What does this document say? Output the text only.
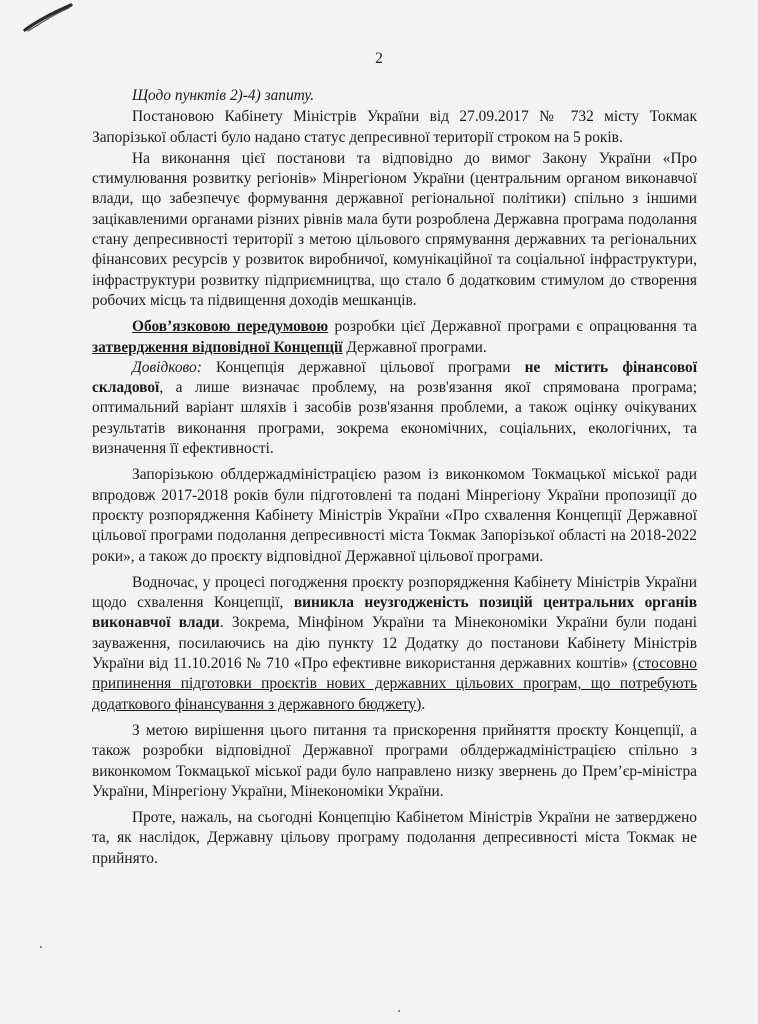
2

Щодо пунктів 2)-4) запиту.

Постановою Кабінету Міністрів України від 27.09.2017 № 732 місту Токмак Запорізької області було надано статус депресивної території строком на 5 років.

На виконання цієї постанови та відповідно до вимог Закону України «Про стимулювання розвитку регіонів» Мінрегіоном України (центральним органом виконавчої влади, що забезпечує формування державної регіональної політики) спільно з іншими зацікавленими органами різних рівнів мала бути розроблена Державна програма подолання стану депресивності території з метою цільового спрямування державних та регіональних фінансових ресурсів у розвиток виробничої, комунікаційної та соціальної інфраструктури, інфраструктури розвитку підприємництва, що стало б додатковим стимулом до створення робочих місць та підвищення доходів мешканців.

Обов’язковою передумовою розробки цієї Державної програми є опрацювання та затвердження відповідної Концепції Державної програми.

Довідково: Концепція державної цільової програми не містить фінансової складової, а лише визначає проблему, на розв'язання якої спрямована програма; оптимальний варіант шляхів і засобів розв'язання проблеми, а також оцінку очікуваних результатів виконання програми, зокрема економічних, соціальних, екологічних, та визначення її ефективності.

Запорізькою облдержадміністрацією разом із виконкомом Токмацької міської ради впродовж 2017-2018 років були підготовлені та подані Мінрегіону України пропозиції до проєкту розпорядження Кабінету Міністрів України «Про схвалення Концепції Державної цільової програми подолання депресивності міста Токмак Запорізької області на 2018-2022 роки», а також до проєкту відповідної Державної цільової програми.

Водночас, у процесі погодження проєкту розпорядження Кабінету Міністрів України щодо схвалення Концепції, виникла неузгодженість позицій центральних органів виконавчої влади. Зокрема, Мінфіном України та Мінекономіки України були подані зауваження, посилаючись на дію пункту 12 Додатку до постанови Кабінету Міністрів України від 11.10.2016 № 710 «Про ефективне використання державних коштів» (стосовно припинення підготовки проєктів нових державних цільових програм, що потребують додаткового фінансування з державного бюджету).

З метою вирішення цього питання та прискорення прийняття проєкту Концепції, а також розробки відповідної Державної програми облдержадміністрацією спільно з виконкомом Токмацької міської ради було направлено низку звернень до Прем’єр-міністра України, Мінрегіону України, Мінекономіки України.

Проте, нажаль, на сьогодні Концепцію Кабінетом Міністрів України не затверджено та, як наслідок, Державну цільову програму подолання депресивності міста Токмак не прийнято.
